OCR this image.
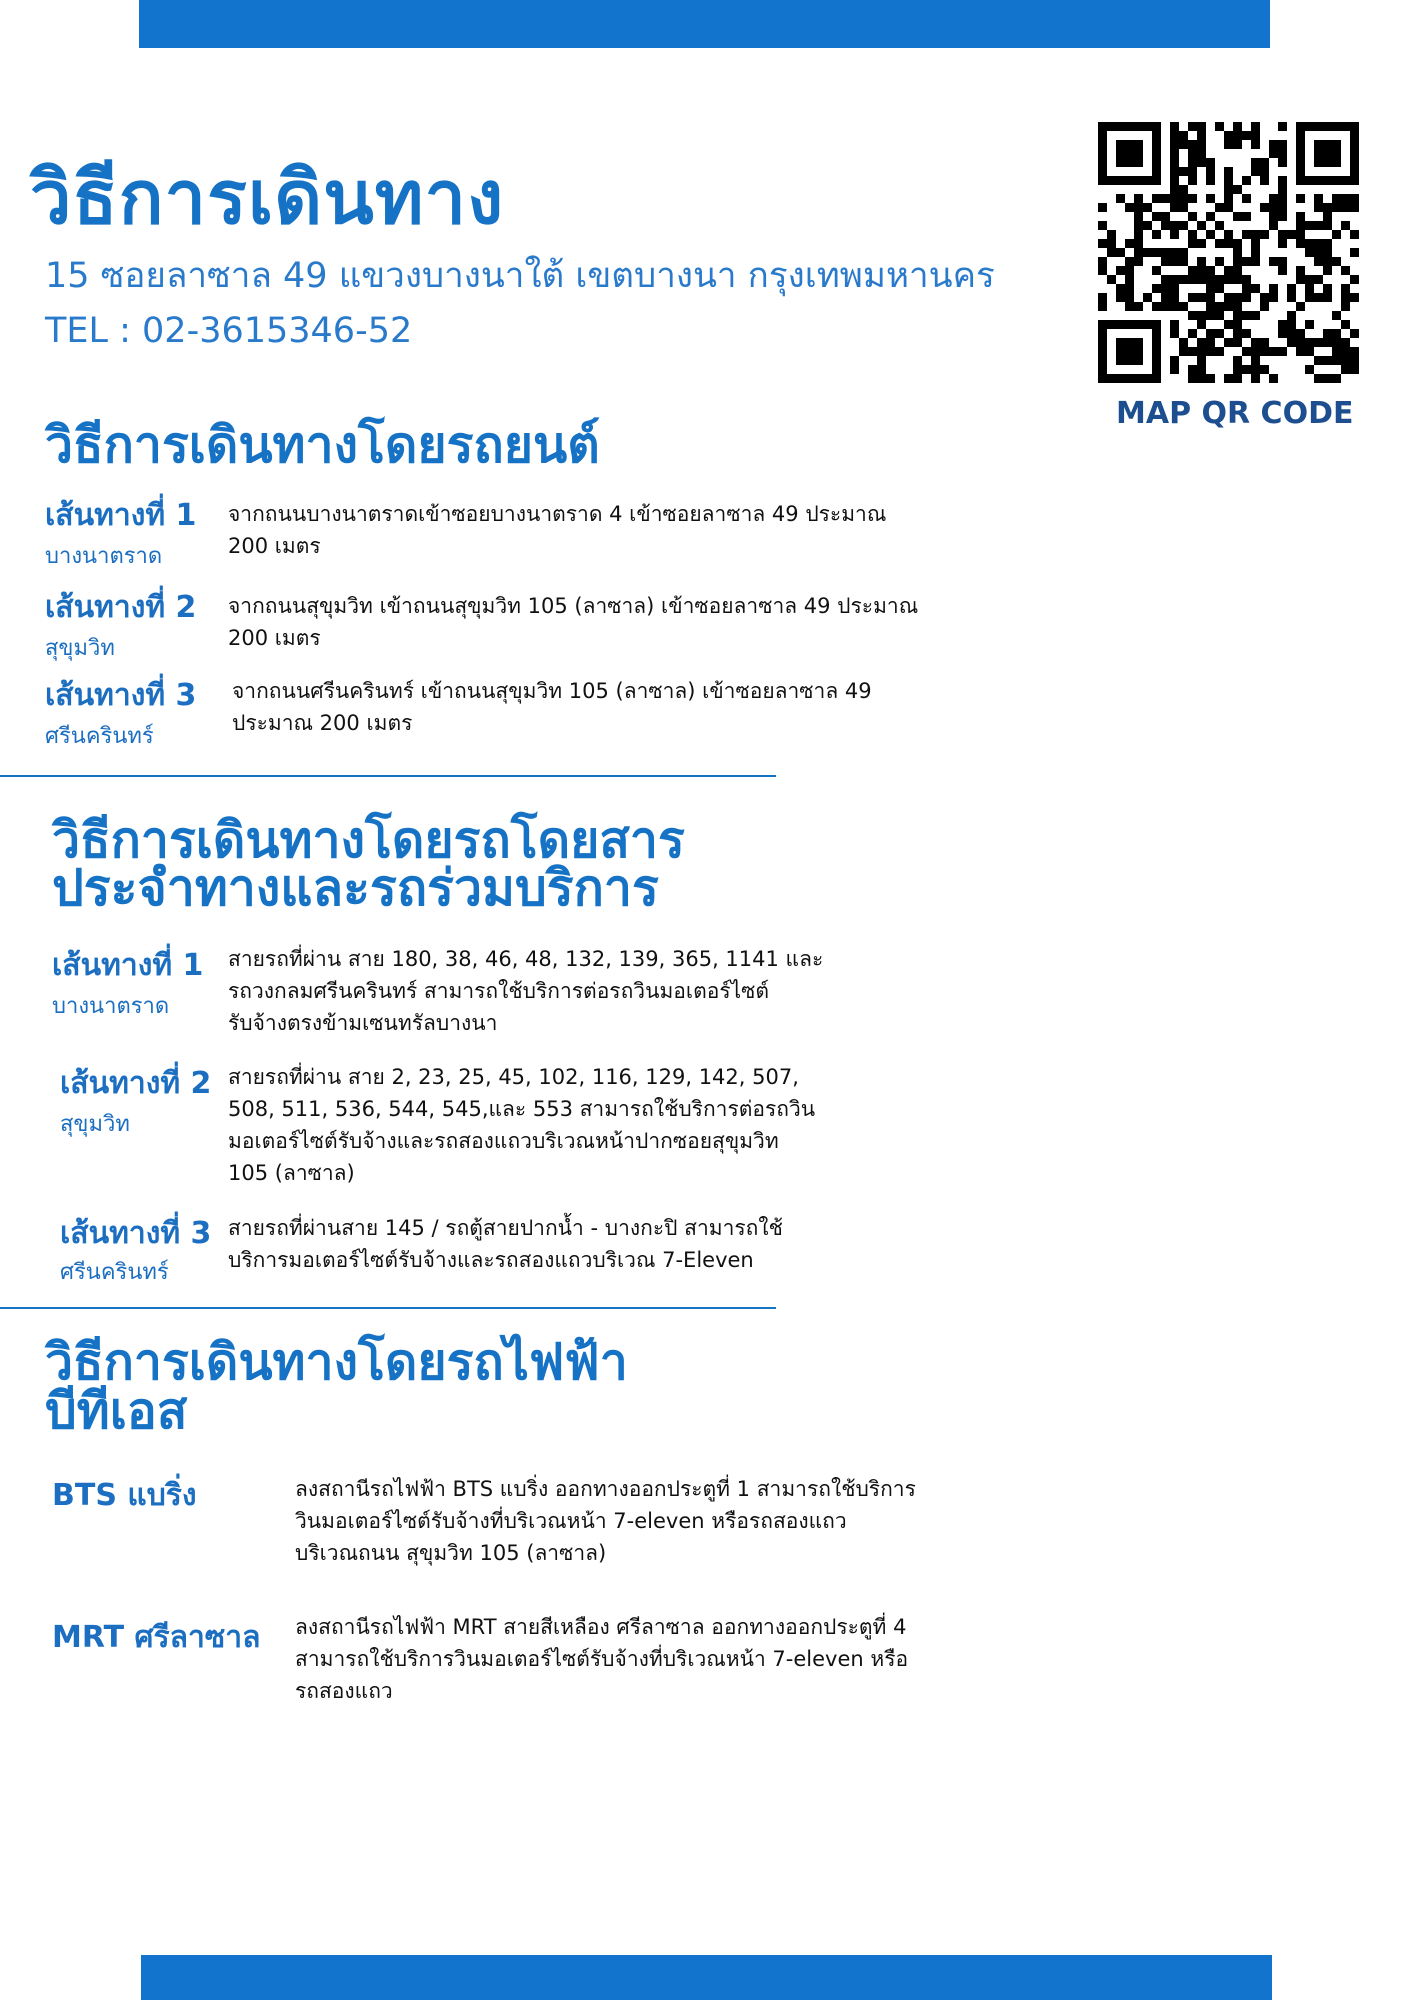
วิธีการเดินทาง
15 ซอยลาซาล 49 แขวงบางนาใต้ เขตบางนา กรุงเทพมหานคร
TEL : 02-3615346-52
MAP QR CODE
วิธีการเดินทางโดยรถยนต์
เส้นทางที่ 1
บางนาตราด
จากถนนบางนาตราดเข้าซอยบางนาตราด 4 เข้าซอยลาซาล 49 ประมาณ
200 เมตร
เส้นทางที่ 2
สุขุมวิท
จากถนนสุขุมวิท เข้าถนนสุขุมวิท 105 (ลาซาล) เข้าซอยลาซาล 49 ประมาณ
200 เมตร
เส้นทางที่ 3
ศรีนครินทร์
จากถนนศรีนครินทร์ เข้าถนนสุขุมวิท 105 (ลาซาล) เข้าซอยลาซาล 49
ประมาณ 200 เมตร
วิธีการเดินทางโดยรถโดยสาร
ประจำทางและรถร่วมบริการ
เส้นทางที่ 1
บางนาตราด
สายรถที่ผ่าน สาย 180, 38, 46, 48, 132, 139, 365, 1141 และ
รถวงกลมศรีนครินทร์ สามารถใช้บริการต่อรถวินมอเตอร์ไซต์
รับจ้างตรงข้ามเซนทรัลบางนา
เส้นทางที่ 2
สุขุมวิท
สายรถที่ผ่าน สาย 2, 23, 25, 45, 102, 116, 129, 142, 507,
508, 511, 536, 544, 545,และ 553 สามารถใช้บริการต่อรถวิน
มอเตอร์ไซต์รับจ้างและรถสองแถวบริเวณหน้าปากซอยสุขุมวิท
105 (ลาซาล)
เส้นทางที่ 3
ศรีนครินทร์
สายรถที่ผ่านสาย 145 / รถตู้สายปากน้ำ - บางกะปิ สามารถใช้
บริการมอเตอร์ไซต์รับจ้างและรถสองแถวบริเวณ 7-Eleven
วิธีการเดินทางโดยรถไฟฟ้า
บีทีเอส
BTS แบริ่ง	ลงสถานีรถไฟฟ้า BTS แบริ่ง ออกทางออกประตูที่ 1 สามารถใช้บริการ
วินมอเตอร์ไซต์รับจ้างที่บริเวณหน้า 7-eleven หรือรถสองแถว
บริเวณถนน สุขุมวิท 105 (ลาซาล)
MRT ศรีลาซาล ลงสถานีรถไฟฟ้า MRT สายสีเหลือง ศรีลาซาล ออกทางออกประตูที่ 4
สามารถใช้บริการวินมอเตอร์ไซต์รับจ้างที่บริเวณหน้า 7-eleven หรือ
รถสองแถว
